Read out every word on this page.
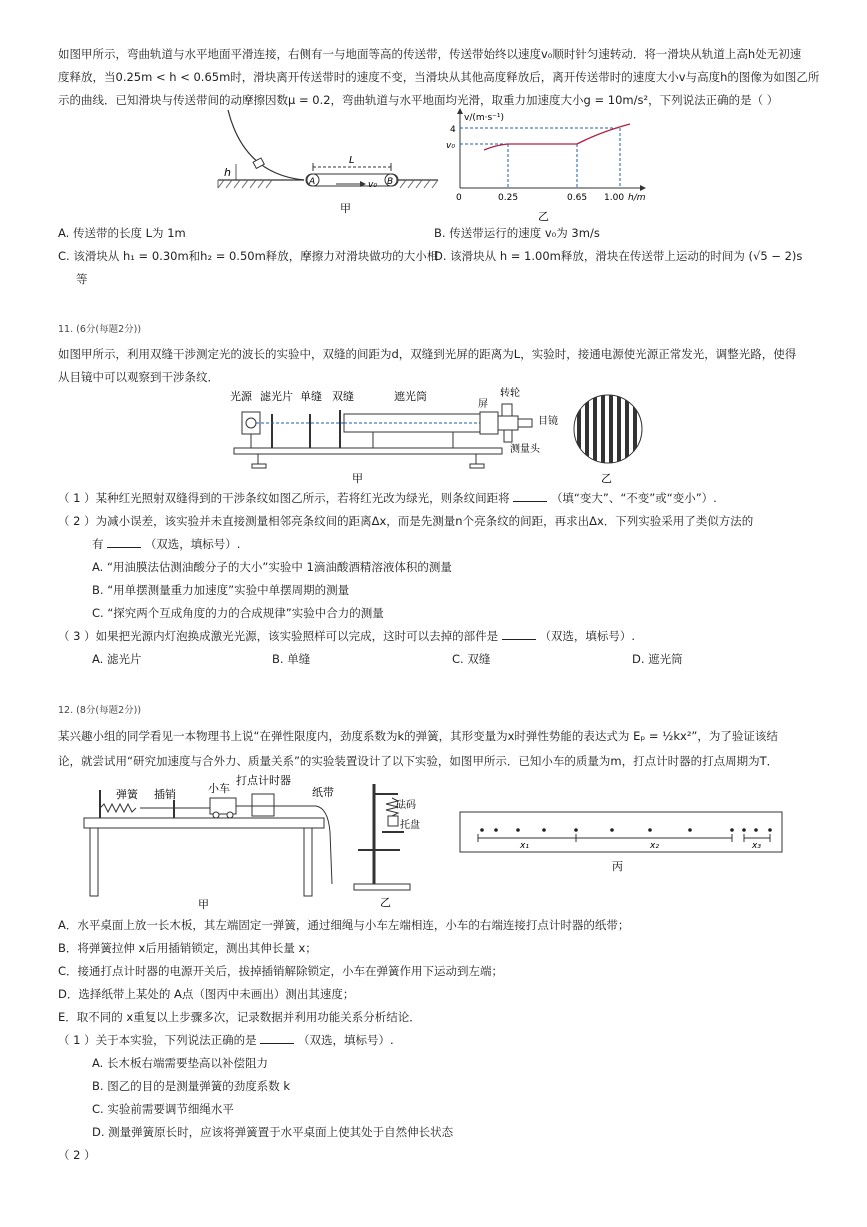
如图甲所示，弯曲轨道与水平地面平滑连接，右侧有一与地面等高的传送带，传送带始终以速度v₀顺时针匀速转动．将一滑块从轨道上高h处无初速
度释放，当0.25m < h < 0.65m时，滑块离开传送带时的速度不变，当滑块从其他高度释放后，离开传送带时的速度大小v与高度h的图像为如图乙所
示的曲线．已知滑块与传送带间的动摩擦因数μ = 0.2，弯曲轨道与水平地面均光滑，取重力加速度大小g = 10m/s²，下列说法正确的是（ ）
h
A	B
v₀
L
甲
v/(m·s⁻¹)
4
v₀
0	0.25	0.65 1.00 h/m
乙
A. 传送带的长度 L为 1m	B. 传送带运行的速度 v₀为 3m/s
C. 该滑块从 h₁ = 0.30m和h₂ = 0.50m释放，摩擦力对滑块做功的大小相
等
D. 该滑块从 h = 1.00m释放，滑块在传送带上运动的时间为 (√5 − 2)s
11. (6分(每题2分))
如图甲所示，利用双缝干涉测定光的波长的实验中，双缝的间距为d，双缝到光屏的距离为L，实验时，接通电源使光源正常发光，调整光路，使得
从目镜中可以观察到干涉条纹．
光源 滤光片 单缝 双缝	遮光筒
屏
转轮
目镜
测量头
甲	乙
（ 1 ）某种红光照射双缝得到的干涉条纹如图乙所示，若将红光改为绿光，则条纹间距将	（填“变大”、“不变”或“变小”）.
（ 2 ）为减小误差，该实验并未直接测量相邻亮条纹间的距离Δx，而是先测量n个亮条纹的间距，再求出Δx．下列实验采用了类似方法的
有	（双选，填标号）.
A. “用油膜法估测油酸分子的大小”实验中 1滴油酸酒精溶液体积的测量
B. “用单摆测量重力加速度”实验中单摆周期的测量
C. “探究两个互成角度的力的合成规律”实验中合力的测量
（ 3 ）如果把光源内灯泡换成激光光源，该实验照样可以完成，这时可以去掉的部件是	（双选，填标号）.
A. 滤光片	B. 单缝	C. 双缝	D. 遮光筒
12. (8分(每题2分))
某兴趣小组的同学看见一本物理书上说“在弹性限度内，劲度系数为k的弹簧，其形变量为x时弹性势能的表达式为 Eₚ = ½kx²”，为了验证该结
论，就尝试用“研究加速度与合外力、质量关系”的实验装置设计了以下实验，如图甲所示．已知小车的质量为m，打点计时器的打点周期为T．
弹簧 插销	小车
打点计时器
纸带
甲
砝码
托盘
乙
x₁	x₂	x₃
丙
A．水平桌面上放一长木板，其左端固定一弹簧，通过细绳与小车左端相连，小车的右端连接打点计时器的纸带；
B．将弹簧拉伸 x后用插销锁定，测出其伸长量 x；
C．接通打点计时器的电源开关后，拔掉插销解除锁定，小车在弹簧作用下运动到左端；
D．选择纸带上某处的 A点（图丙中未画出）测出其速度；
E．取不同的 x重复以上步骤多次，记录数据并利用功能关系分析结论．
（ 1 ）关于本实验，下列说法正确的是	（双选，填标号）.
A. 长木板右端需要垫高以补偿阻力
B. 图乙的目的是测量弹簧的劲度系数 k
C. 实验前需要调节细绳水平
D. 测量弹簧原长时，应该将弹簧置于水平桌面上使其处于自然伸长状态
（ 2 ）
